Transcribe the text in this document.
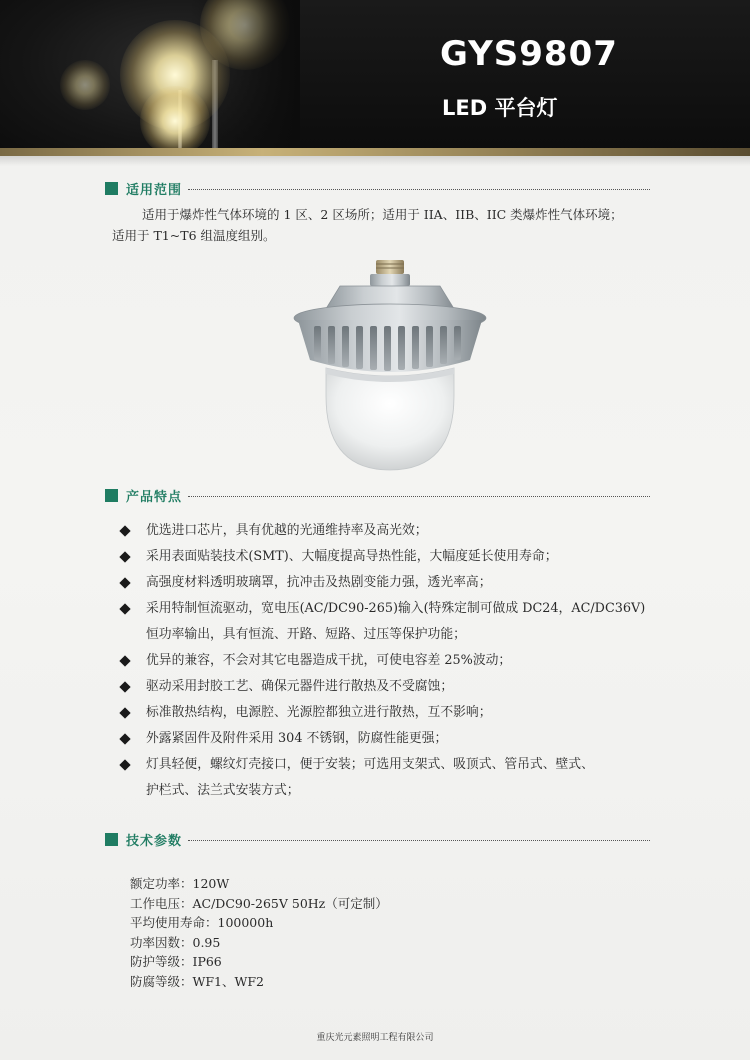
GYS9807
LED 平台灯
适用范围

适用于爆炸性气体环境的 1 区、2 区场所；适用于 IIA、IIB、IIC 类爆炸性气体环境；

适用于 T1~T6 组温度组别。

产品特点
优选进口芯片，具有优越的光通维持率及高光效；
采用表面贴装技术(SMT)、大幅度提高导热性能，大幅度延长使用寿命；
高强度材料透明玻璃罩，抗冲击及热剧变能力强，透光率高；
采用特制恒流驱动，宽电压(AC/DC90-265)输入(特殊定制可做成 DC24，AC/DC36V)
恒功率输出，具有恒流、开路、短路、过压等保护功能；
优异的兼容，不会对其它电器造成干扰，可使电容差 25%波动；
驱动采用封胶工艺、确保元器件进行散热及不受腐蚀；
标准散热结构，电源腔、光源腔都独立进行散热，互不影响；
外露紧固件及附件采用 304 不锈钢，防腐性能更强；
灯具轻便，螺纹灯壳接口，便于安装；可选用支架式、吸顶式、管吊式、壁式、
护栏式、法兰式安装方式；
技术参数
额定功率：120W
工作电压：AC/DC90-265V 50Hz（可定制）
平均使用寿命：100000h
功率因数：0.95
防护等级：IP66
防腐等级：WF1、WF2
重庆光元素照明工程有限公司
